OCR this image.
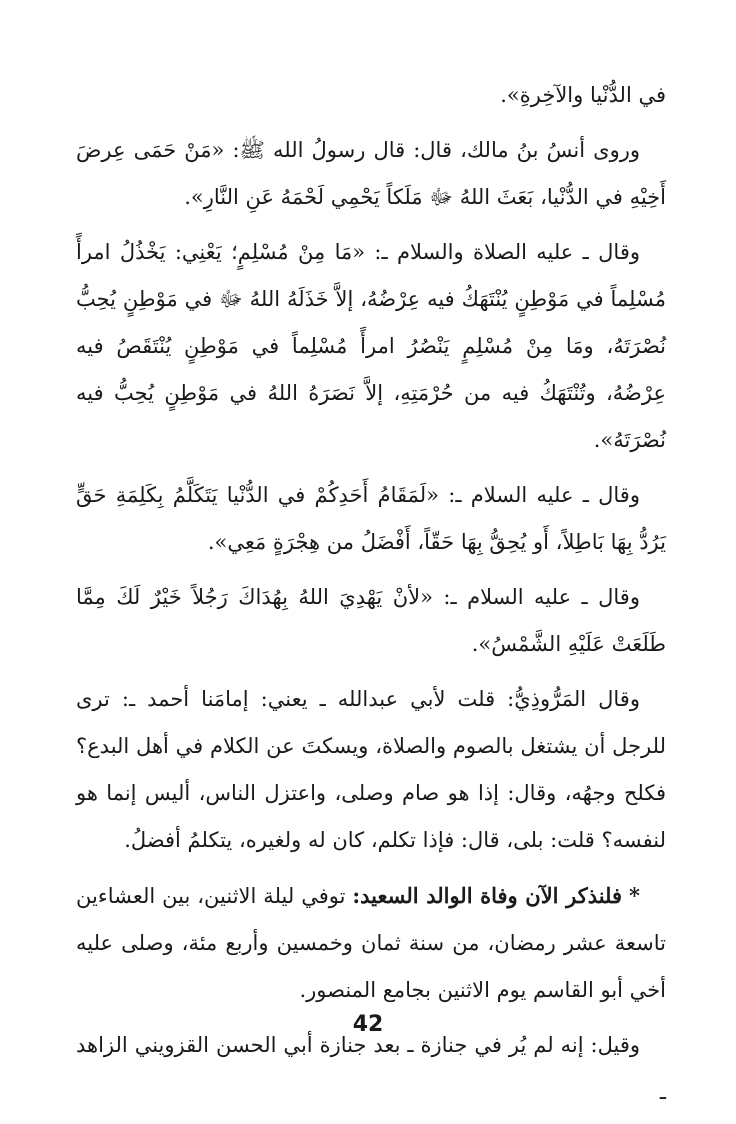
في الدُّنْيا والآخِرةِ».

وروى أنسُ بنُ مالك، قال: قال رسولُ الله ﷺ: «مَنْ حَمَى عِرضَ أَخِيْهِ في الدُّنْيا، بَعَثَ اللهُ ﷻ مَلَكاً يَحْمِي لَحْمَهُ عَنِ النَّارِ».

وقال ـ عليه الصلاة والسلام ـ: «مَا مِنْ مُسْلِمٍ؛ يَعْنِي: يَخْذُلُ امرأً مُسْلِماً في مَوْطِنٍ يُنْتَهَكُ فيه عِرْضُهُ، إلاَّ خَذَلَهُ اللهُ ﷻ في مَوْطِنٍ يُحِبُّ نُصْرَتَهُ، ومَا مِنْ مُسْلِمٍ يَنْصُرُ امرأً مُسْلِماً في مَوْطِنٍ يُنْتَقَصُ فيه عِرْضُهُ، وتُنْتَهَكُ فيه من حُرْمَتِهِ، إلاَّ نَصَرَهُ اللهُ في مَوْطِنٍ يُحِبُّ فيه نُصْرَتَهُ».

وقال ـ عليه السلام ـ: «لَمَقَامُ أَحَدِكُمْ في الدُّنْيا يَتَكَلَّمُ بِكَلِمَةِ حَقٍّ يَرُدُّ بِهَا بَاطِلاً، أَو يُحِقُّ بِهَا حَقّاً، أَفْضَلُ من هِجْرَةٍ مَعِي».

وقال ـ عليه السلام ـ: «لأنْ يَهْدِيَ اللهُ بِهُدَاكَ رَجُلاً خَيْرٌ لَكَ مِمَّا طَلَعَتْ عَلَيْهِ الشَّمْسُ».

وقال المَرُّوذِيُّ: قلت لأبي عبدالله ـ يعني: إمامَنا أحمد ـ: ترى للرجل أن يشتغل بالصوم والصلاة، ويسكتَ عن الكلام في أهل البدع؟ فكلح وجهُه، وقال: إذا هو صام وصلى، واعتزل الناس، أليس إنما هو لنفسه؟ قلت: بلى، قال: فإذا تكلم، كان له ولغيره، يتكلمُ أفضلُ.

* فلنذكر الآن وفاة الوالد السعيد: توفي ليلة الاثنين، بين العشاءين تاسعة عشر رمضان، من سنة ثمان وخمسين وأربع مئة، وصلى عليه أخي أبو القاسم يوم الاثنين بجامع المنصور.

وقيل: إنه لم يُر في جنازة ـ بعد جنازة أبي الحسن القزويني الزاهد ـ

42
